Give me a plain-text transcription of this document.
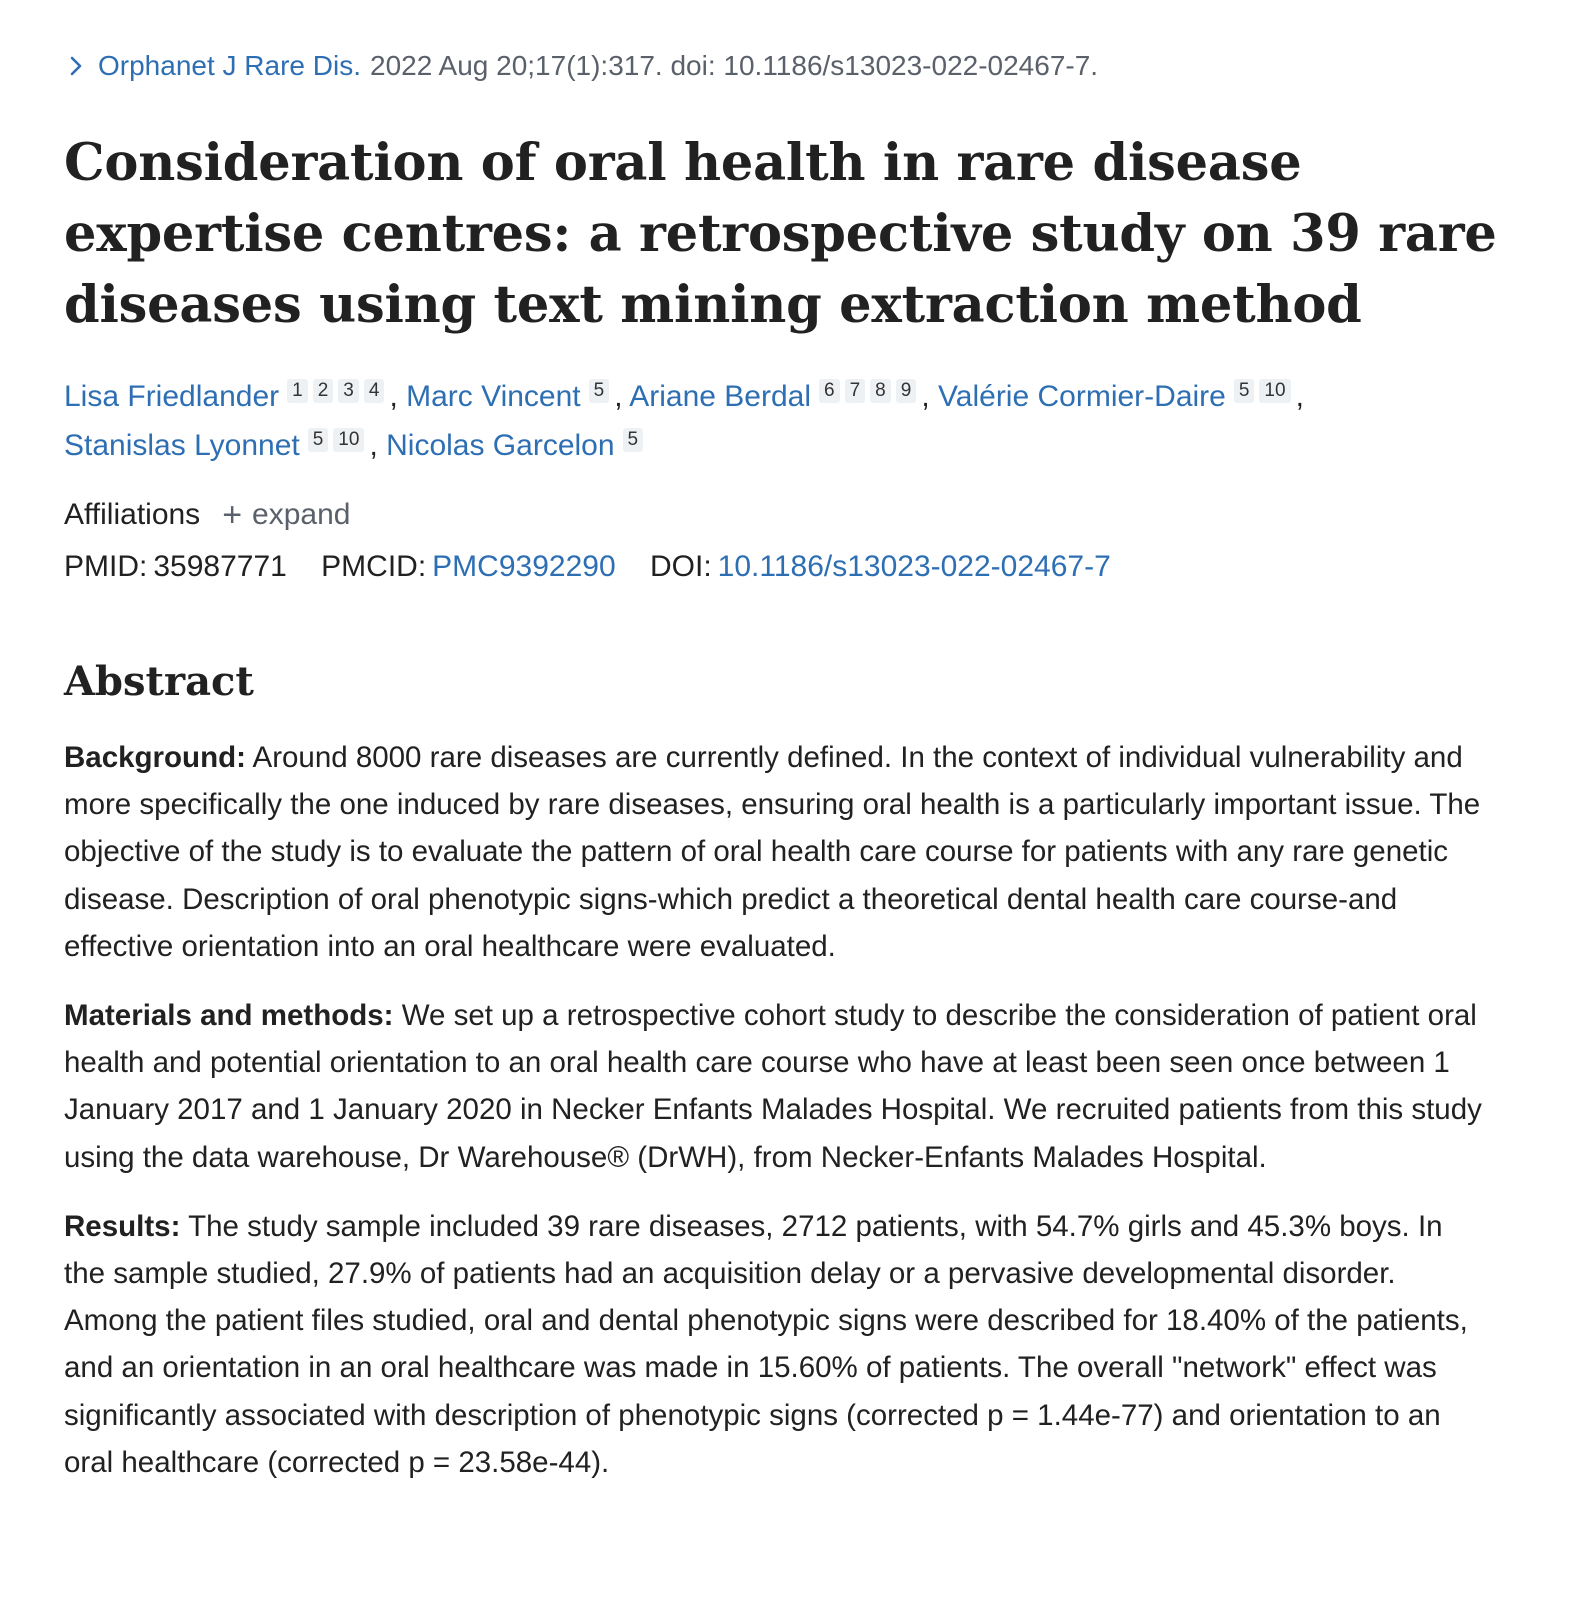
Orphanet J Rare Dis. 2022 Aug 20;17(1):317. doi: 10.1186/s13023-022-02467-7.
Consideration of oral health in rare disease expertise centres: a retrospective study on 39 rare diseases using text mining extraction method
Lisa Friedlander $^{1 2 3 4}$ , Marc Vincent $^5$ , Ariane Berdal $^{6 7 8 9}$ , Valérie Cormier-Daire $^{5 10}$ ,
Stanislas Lyonnet $^{5 10}$ , Nicolas Garcelon $^5$
Affiliations + expand
PMID: 35987771 PMCID: PMC9392290 DOI: 10.1186/s13023-022-02467-7
Abstract

Background: Around 8000 rare diseases are currently defined. In the context of individual vulnerability and more specifically the one induced by rare diseases, ensuring oral health is a particularly important issue. The objective of the study is to evaluate the pattern of oral health care course for patients with any rare genetic disease. Description of oral phenotypic signs-which predict a theoretical dental health care course-and effective orientation into an oral healthcare were evaluated.

Materials and methods: We set up a retrospective cohort study to describe the consideration of patient oral health and potential orientation to an oral health care course who have at least been seen once between 1 January 2017 and 1 January 2020 in Necker Enfants Malades Hospital. We recruited patients from this study using the data warehouse, Dr Warehouse® (DrWH), from Necker-Enfants Malades Hospital.

Results: The study sample included 39 rare diseases, 2712 patients, with 54.7% girls and 45.3% boys. In the sample studied, 27.9% of patients had an acquisition delay or a pervasive developmental disorder. Among the patient files studied, oral and dental phenotypic signs were described for 18.40% of the patients, and an orientation in an oral healthcare was made in 15.60% of patients. The overall "network" effect was significantly associated with description of phenotypic signs (corrected p = 1.44e-77) and orientation to an oral healthcare (corrected p = 23.58e-44).
